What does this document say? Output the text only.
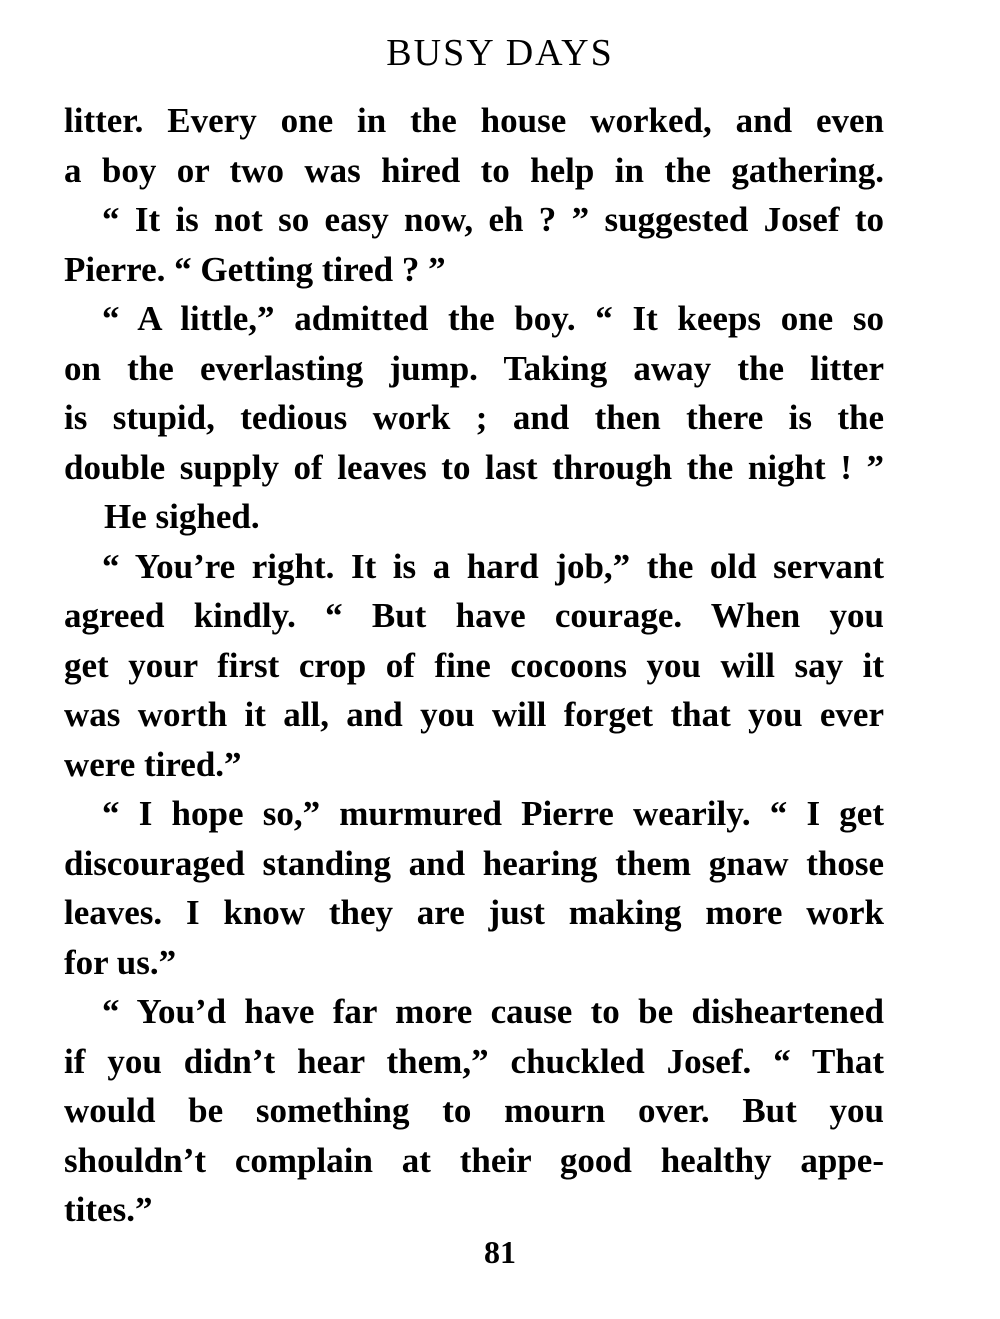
BUSY DAYS
litter. Every one in the house worked, and even
a boy or two was hired to help in the gathering.
“ It is not so easy now, eh ? ” suggested Josef to
Pierre. “ Getting tired ? ”
“ A little,” admitted the boy. “ It keeps one so
on the everlasting jump. Taking away the litter
is stupid, tedious work ; and then there is the
double supply of leaves to last through the night ! ”
He sighed.
“ You’re right. It is a hard job,” the old servant
agreed kindly. “ But have courage. When you
get your first crop of fine cocoons you will say it
was worth it all, and you will forget that you ever
were tired.”
“ I hope so,” murmured Pierre wearily. “ I get
discouraged standing and hearing them gnaw those
leaves. I know they are just making more work
for us.”
“ You’d have far more cause to be disheartened
if you didn’t hear them,” chuckled Josef. “ That
would be something to mourn over. But you
shouldn’t complain at their good healthy appe-
tites.”
81
